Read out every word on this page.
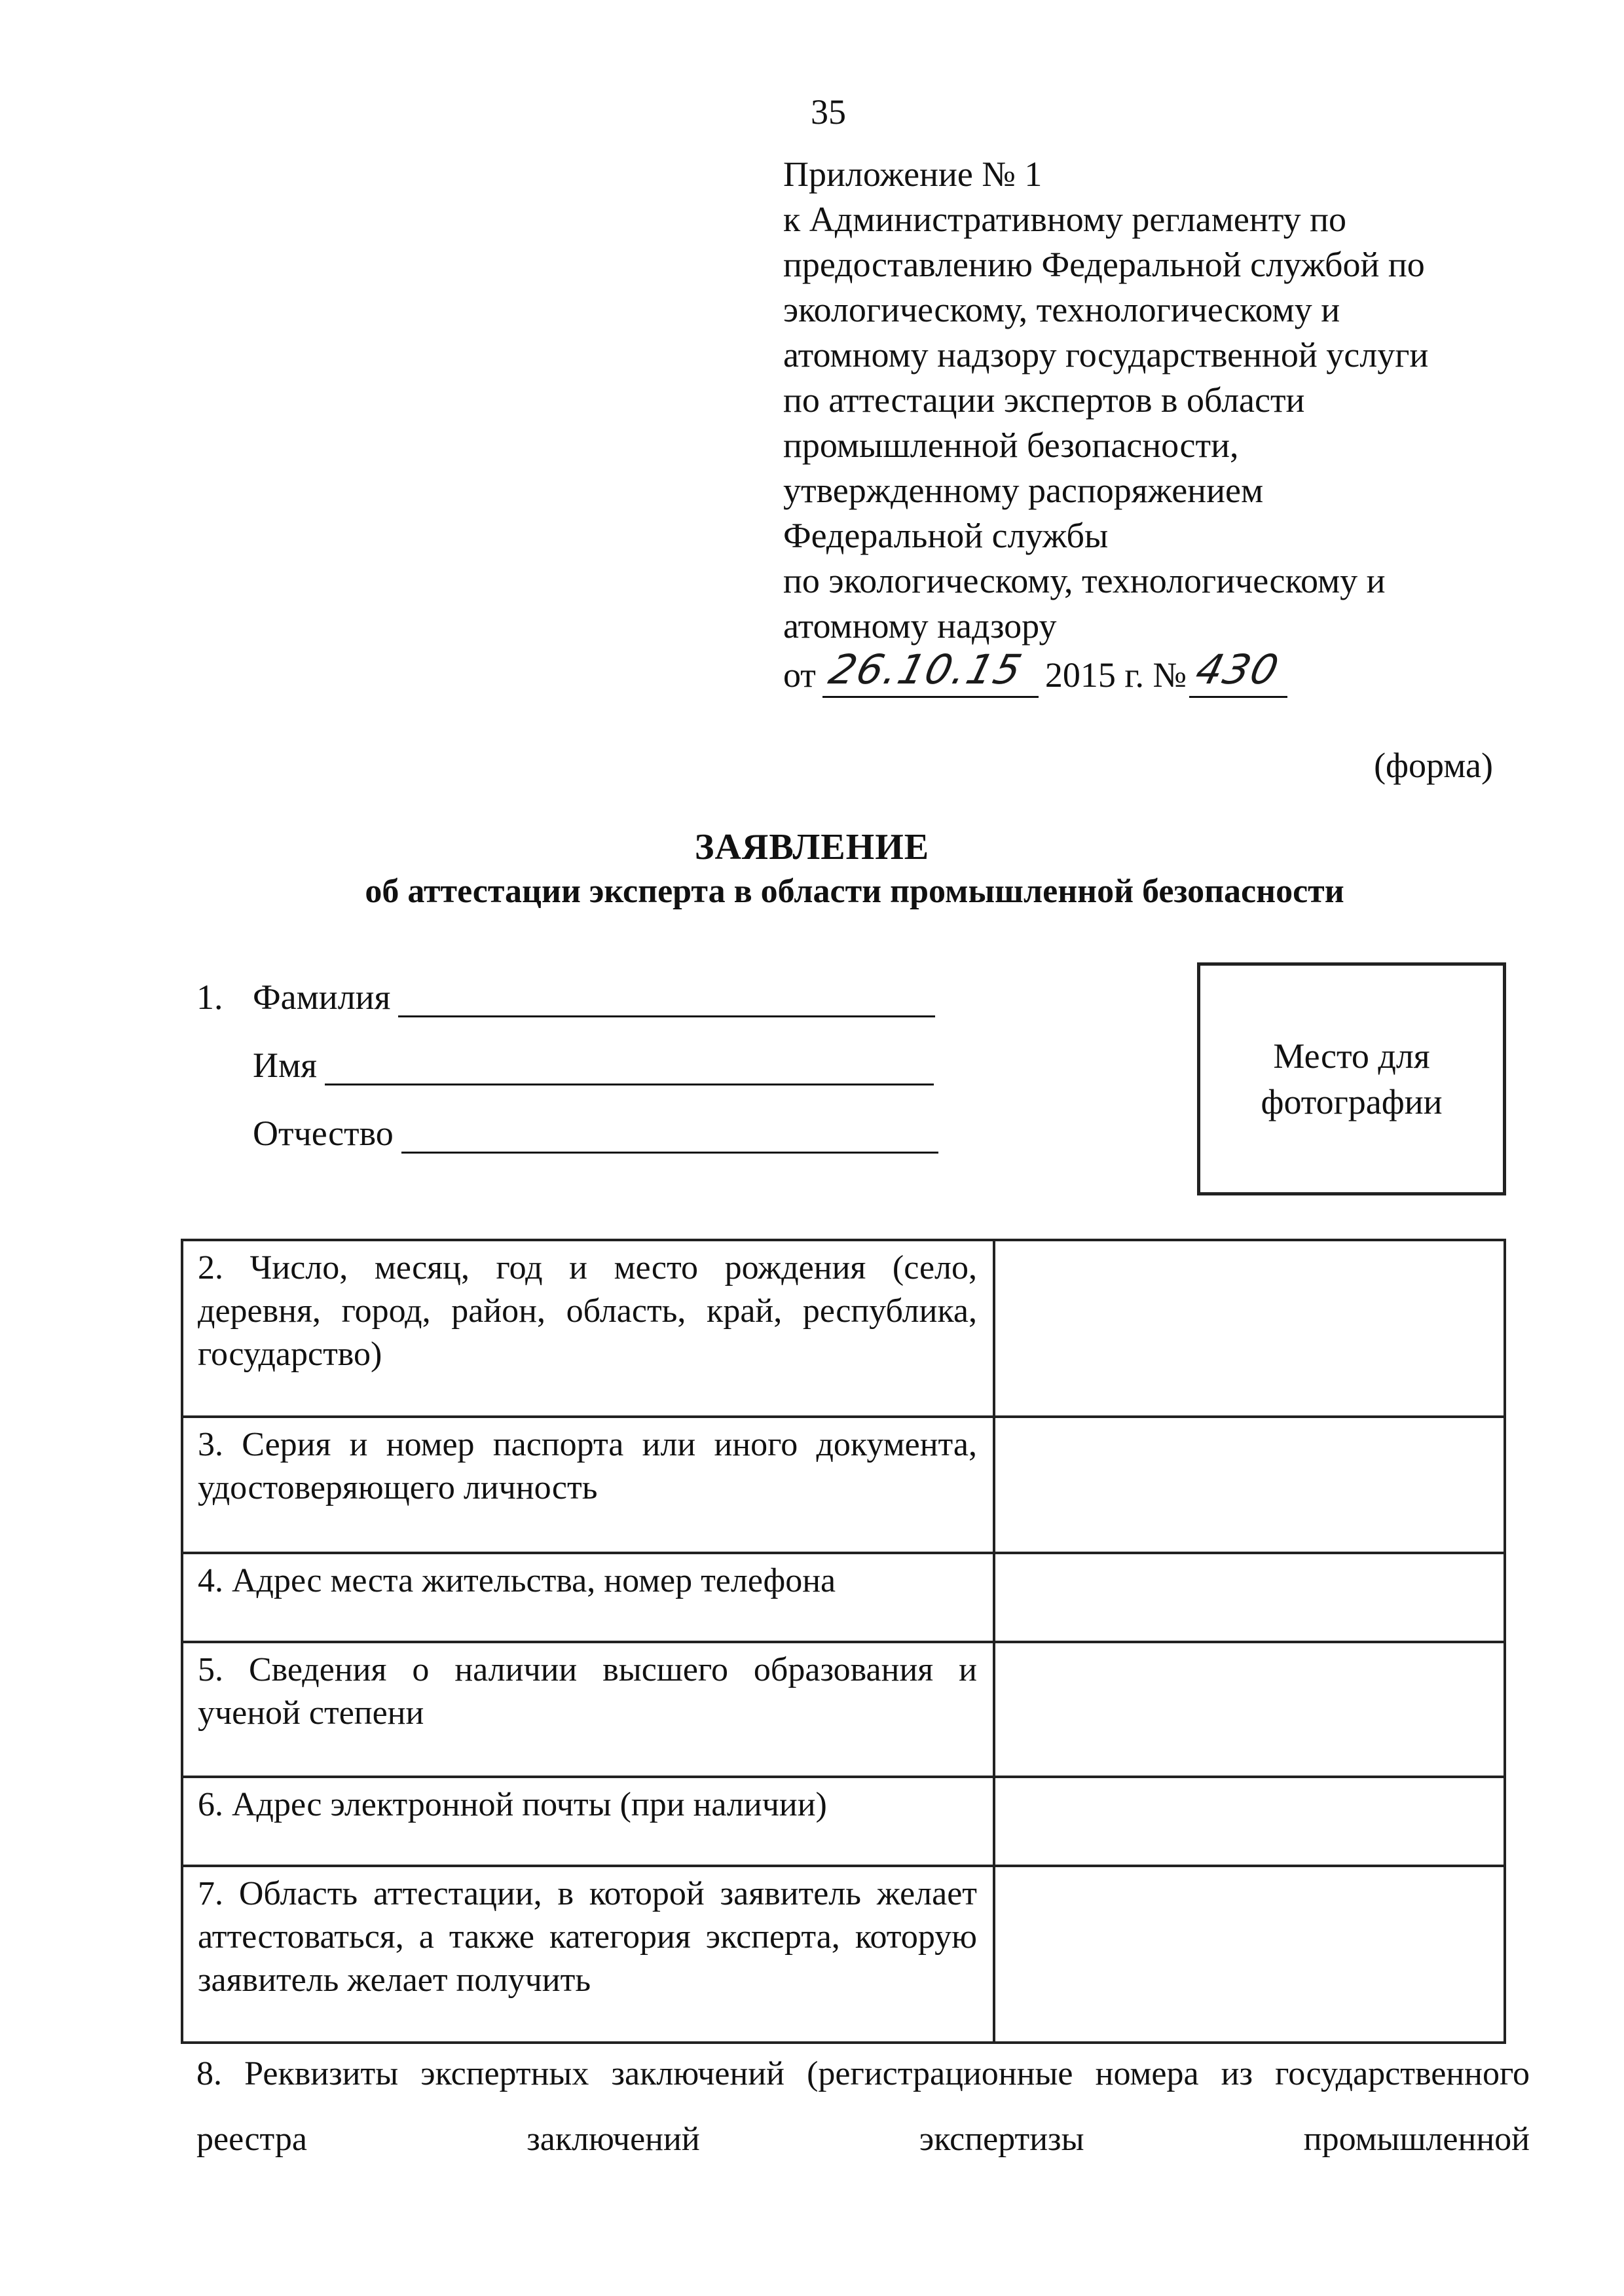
35
Приложение № 1
к Административному регламенту по
предоставлению Федеральной службой по
экологическому, технологическому и
атомному надзору государственной услуги
по аттестации экспертов в области
промышленной безопасности,
утвержденному распоряжением
Федеральной службы
по экологическому, технологическому и
атомному надзору
от 26.10.15 2015 г. № 430
(форма)
ЗАЯВЛЕНИЕ
об аттестации эксперта в области промышленной безопасности
1. Фамилия
Имя
Отчество
Место для
фотографии
2. Число, месяц, год и место рождения (село, деревня, город, район, область, край, республика, государство)	
3. Серия и номер паспорта или иного документа, удостоверяющего личность	
4. Адрес места жительства, номер телефона	
5. Сведения о наличии высшего образования и ученой степени	
6. Адрес электронной почты (при наличии)	
7. Область аттестации, в которой заявитель желает аттестоваться, а также категория эксперта, которую заявитель желает получить	
8. Реквизиты экспертных заключений (регистрационные номера из государственного реестра заключений экспертизы промышленной
